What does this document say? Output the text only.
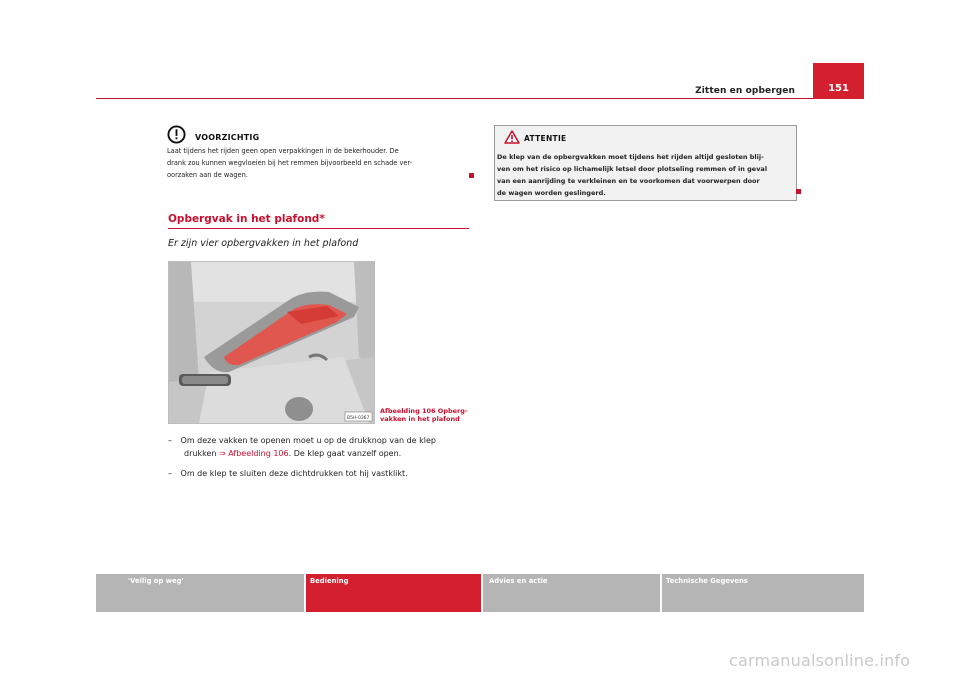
Zitten en opbergen	151
VOORZICHTIG
Laat tijdens het rijden geen open verpakkingen in de bekerhouder. De
drank zou kunnen wegvloeien bij het remmen bijvoorbeeld en schade ver-
oorzaken aan de wagen.
Opbergvak in het plafond*
Er zijn vier opbergvakken in het plafond
B5H-0367
Afbeelding 106 Opberg-
vakken in het plafond
– Om deze vakken te openen moet u op de drukknop van de klep
drukken ⇒ Afbeelding 106. De klep gaat vanzelf open.
– Om de klep te sluiten deze dichtdrukken tot hij vastklikt.
ATTENTIE
De klep van de opbergvakken moet tijdens het rijden altijd gesloten blij-
ven om het risico op lichamelijk letsel door plotseling remmen of in geval
van een aanrijding te verkleinen en te voorkomen dat voorwerpen door
de wagen worden geslingerd.
'Veilig op weg'	Bediening	Advies en actie	Technische Gegevens
carmanualsonline.info
